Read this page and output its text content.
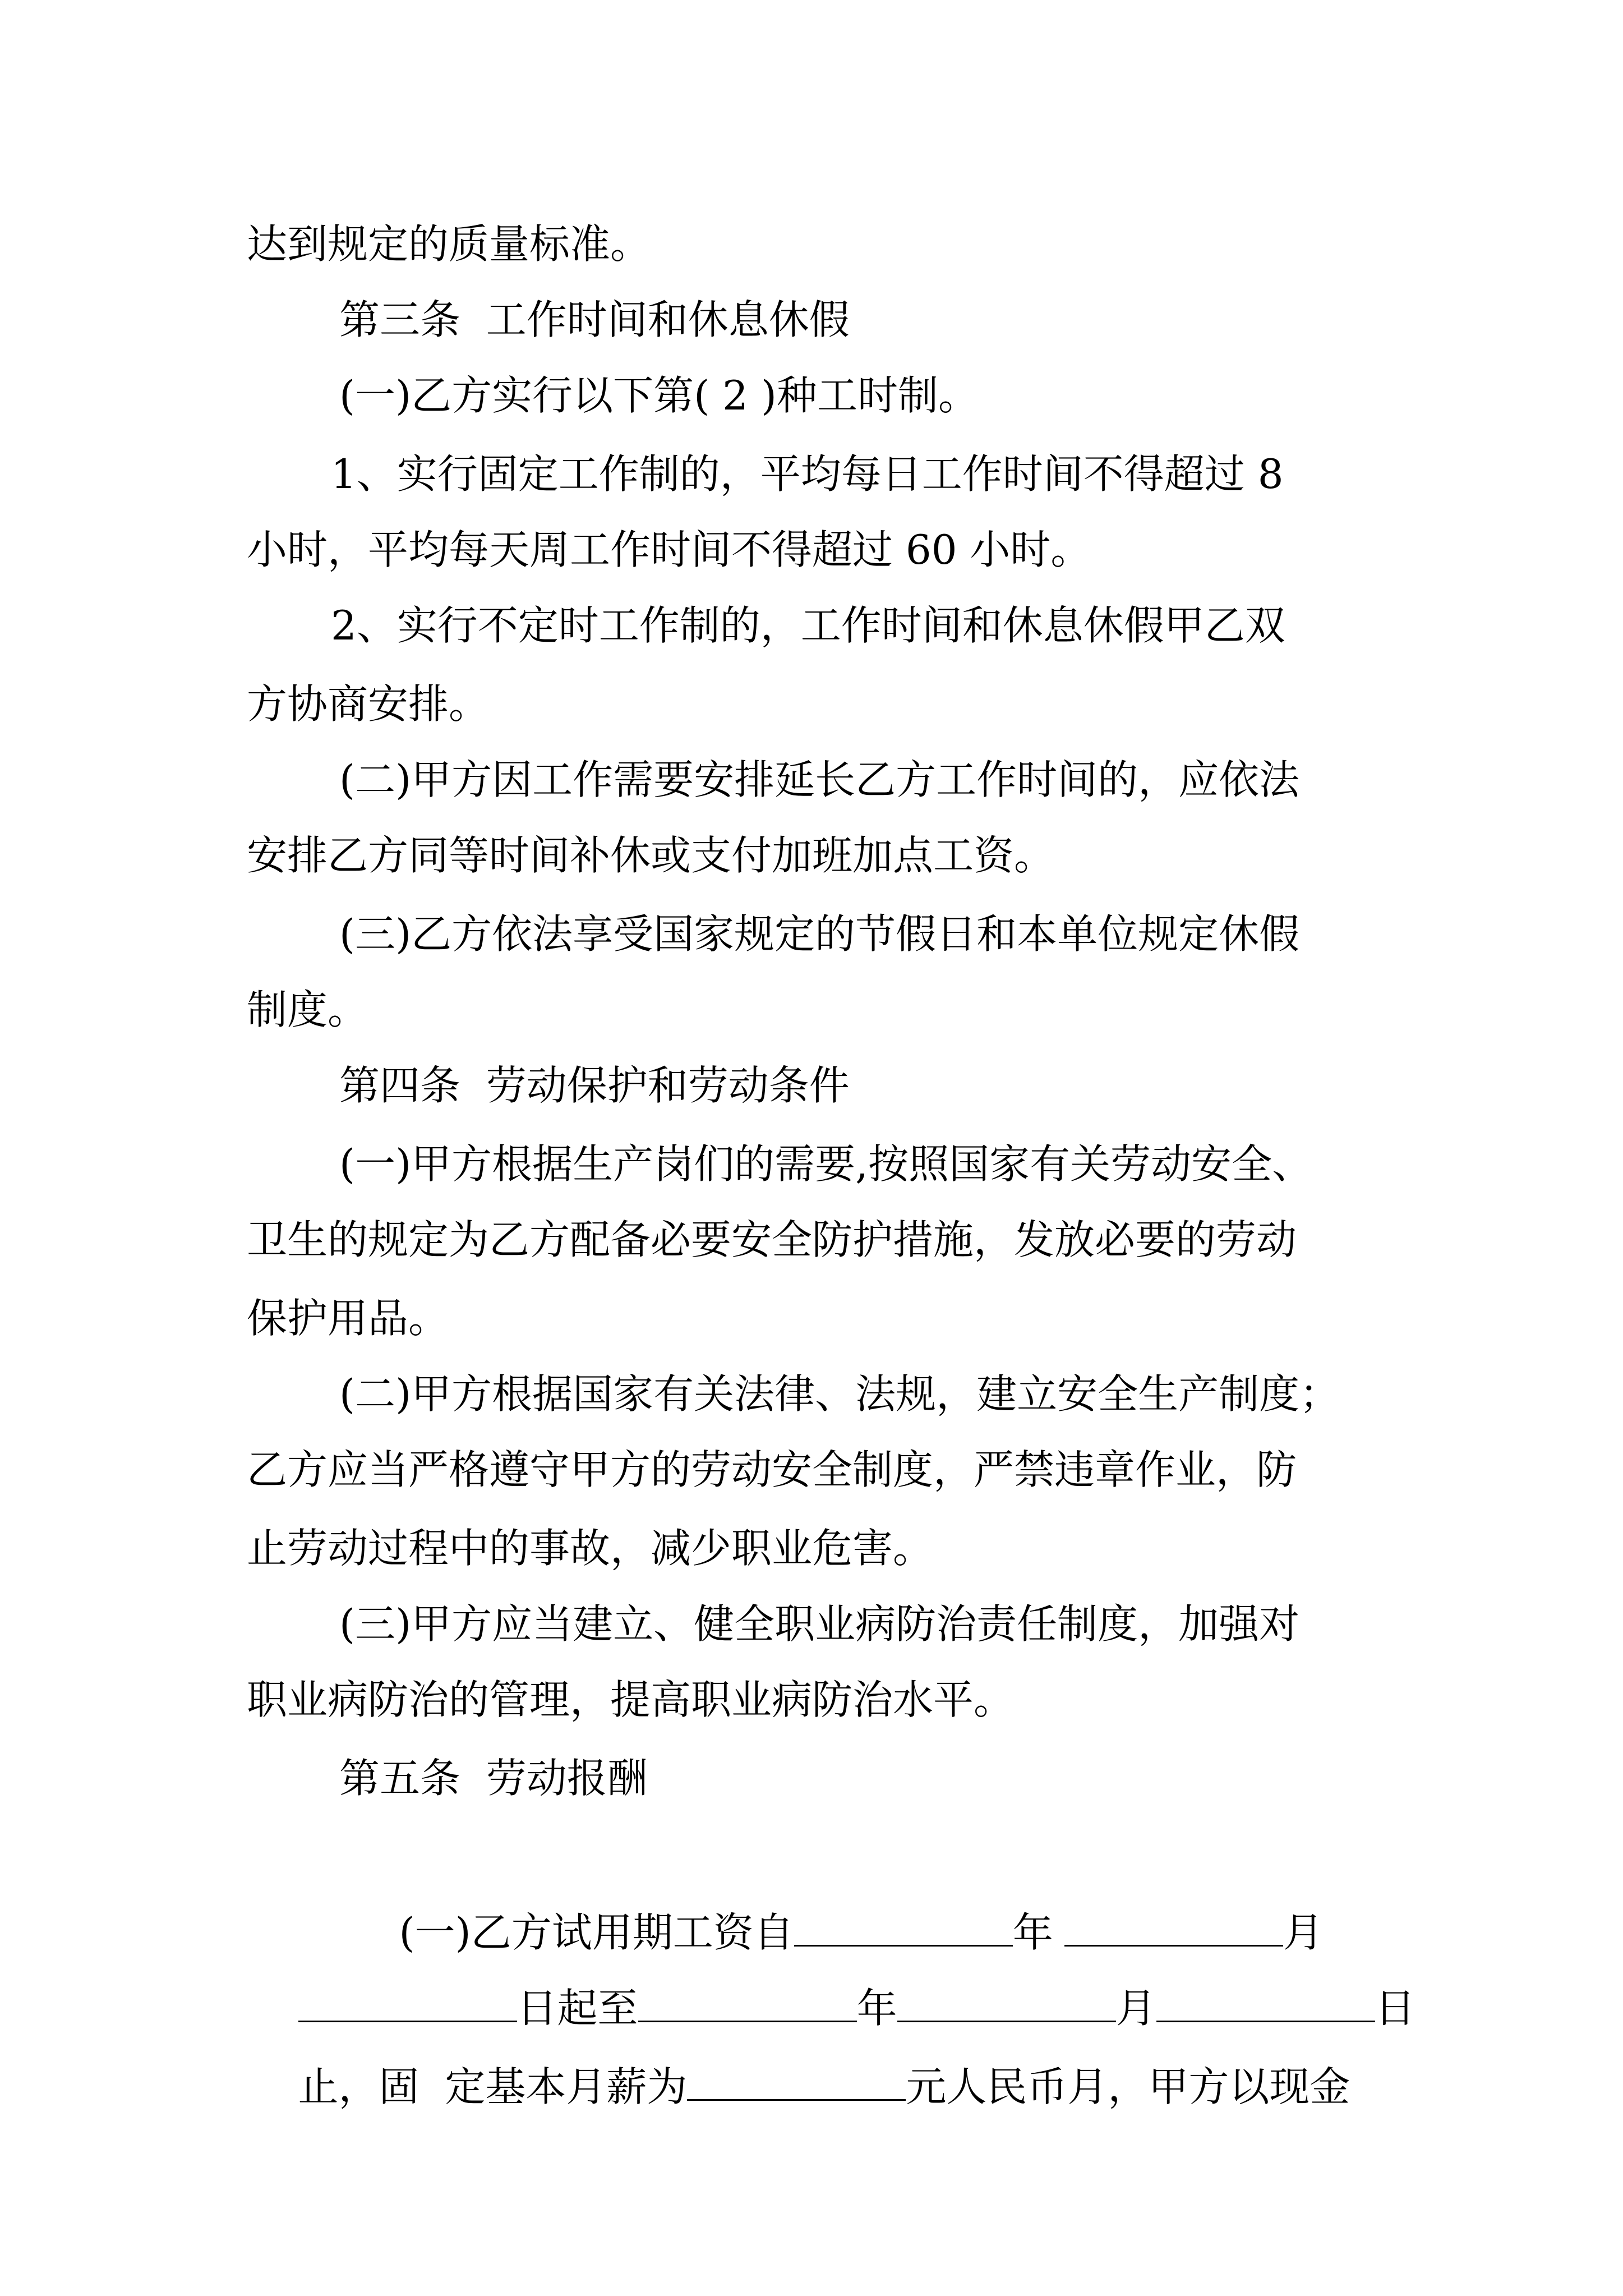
达到规定的质量标准。
第三条  工作时间和休息休假
(一)乙方实行以下第( 2 )种工时制。
1、实行固定工作制的，平均每日工作时间不得超过 8
小时，平均每天周工作时间不得超过 60 小时。
2、实行不定时工作制的，工作时间和休息休假甲乙双
方协商安排。
(二)甲方因工作需要安排延长乙方工作时间的，应依法
安排乙方同等时间补休或支付加班加点工资。
(三)乙方依法享受国家规定的节假日和本单位规定休假
制度。
第四条  劳动保护和劳动条件
(一)甲方根据生产岗们的需要,按照国家有关劳动安全、
卫生的规定为乙方配备必要安全防护措施，发放必要的劳动
保护用品。
(二)甲方根据国家有关法律、法规，建立安全生产制度；
乙方应当严格遵守甲方的劳动安全制度，严禁违章作业，防
止劳动过程中的事故，减少职业危害。
(三)甲方应当建立、健全职业病防治责任制度，加强对
职业病防治的管理，提高职业病防治水平。
第五条  劳动报酬

(一)乙方试用期工资自	年	月

日起至	年	月	日

止，固  定基本月薪为	元人民币月，甲方以现金
